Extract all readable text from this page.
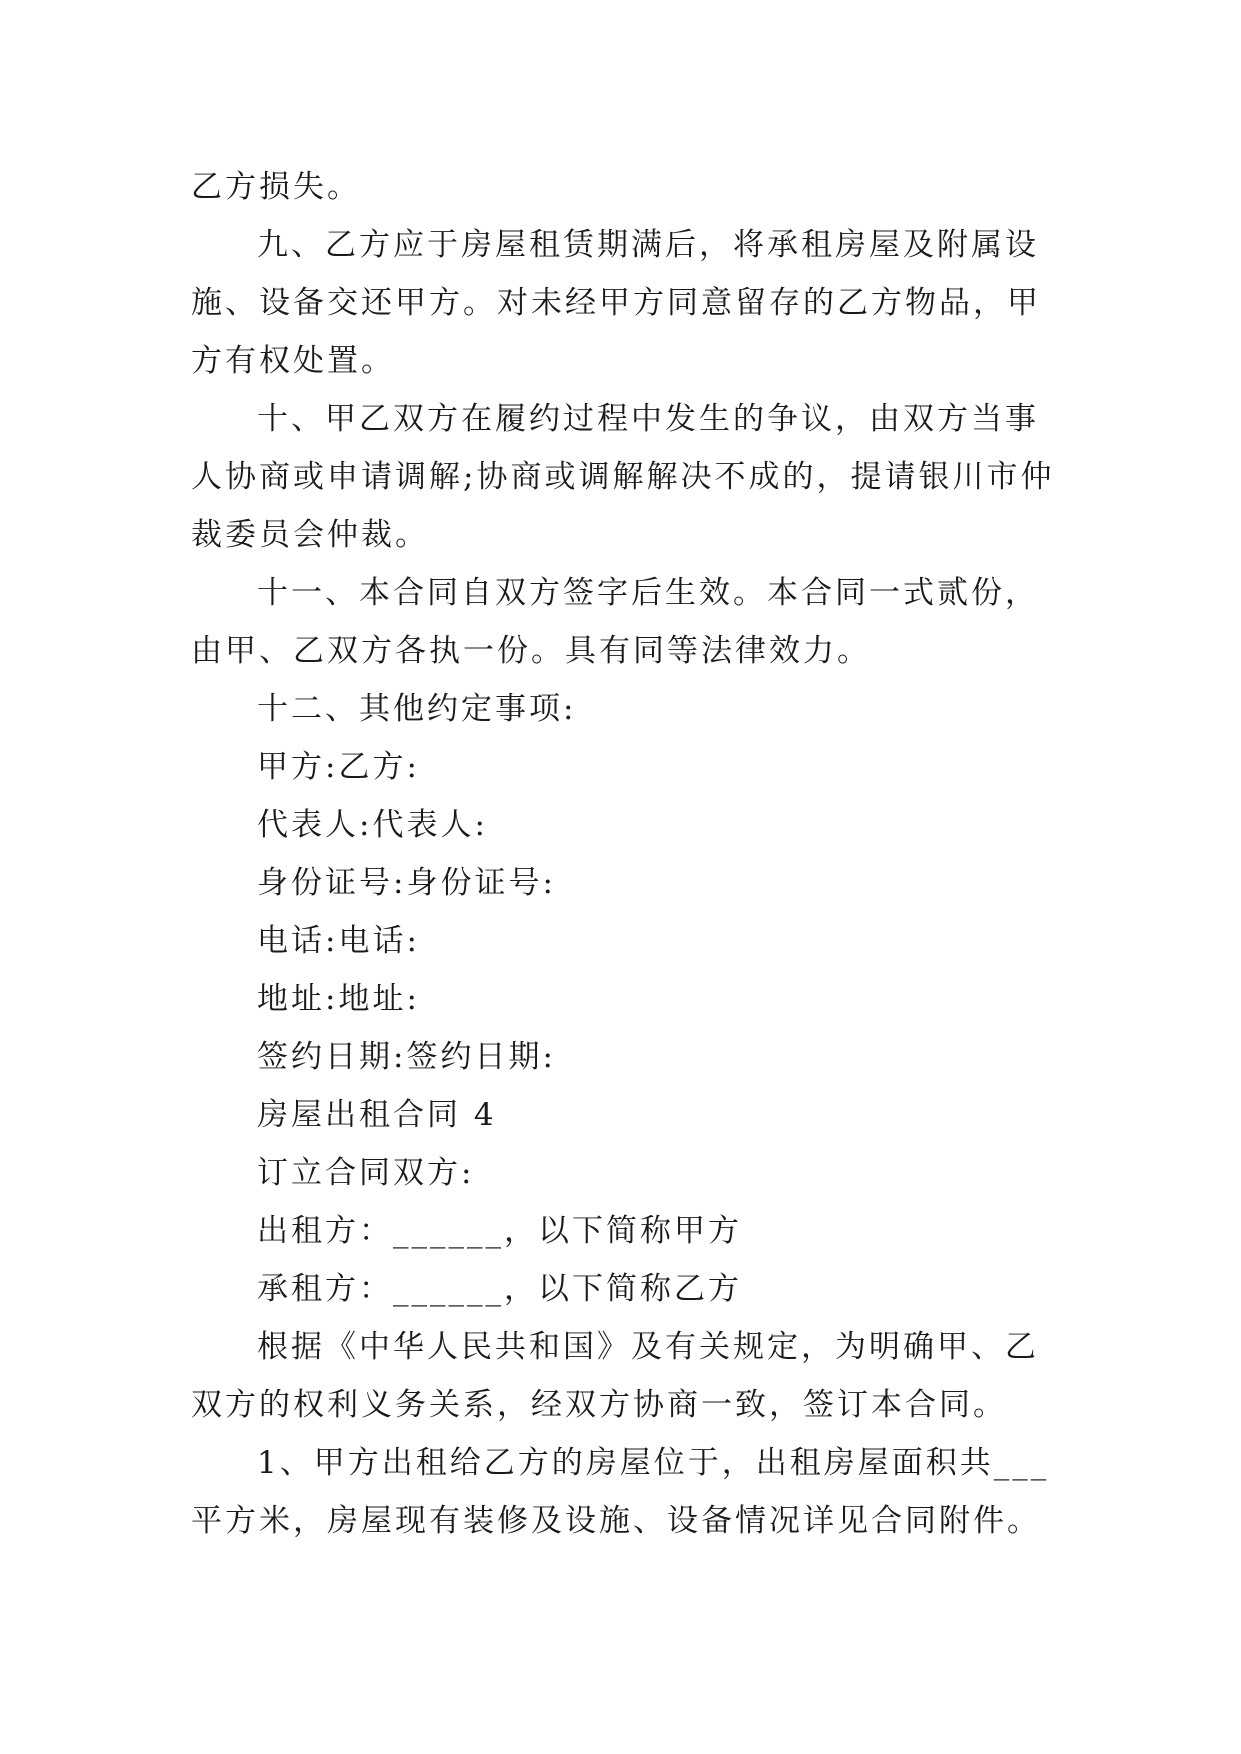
乙方损失。

九、乙方应于房屋租赁期满后，将承租房屋及附属设施、设备交还甲方。对未经甲方同意留存的乙方物品，甲方有权处置。

十、甲乙双方在履约过程中发生的争议，由双方当事人协商或申请调解;协商或调解解决不成的，提请银川市仲裁委员会仲裁。

十一、本合同自双方签字后生效。本合同一式贰份，由甲、乙双方各执一份。具有同等法律效力。

十二、其他约定事项:

甲方:乙方:

代表人:代表人:

身份证号:身份证号:

电话:电话:

地址:地址:

签约日期:签约日期:

房屋出租合同 4

订立合同双方:

出租方：______，以下简称甲方

承租方：______，以下简称乙方

根据《中华人民共和国》及有关规定，为明确甲、乙双方的权利义务关系，经双方协商一致，签订本合同。

1、甲方出租给乙方的房屋位于，出租房屋面积共___平方米，房屋现有装修及设施、设备情况详见合同附件。
